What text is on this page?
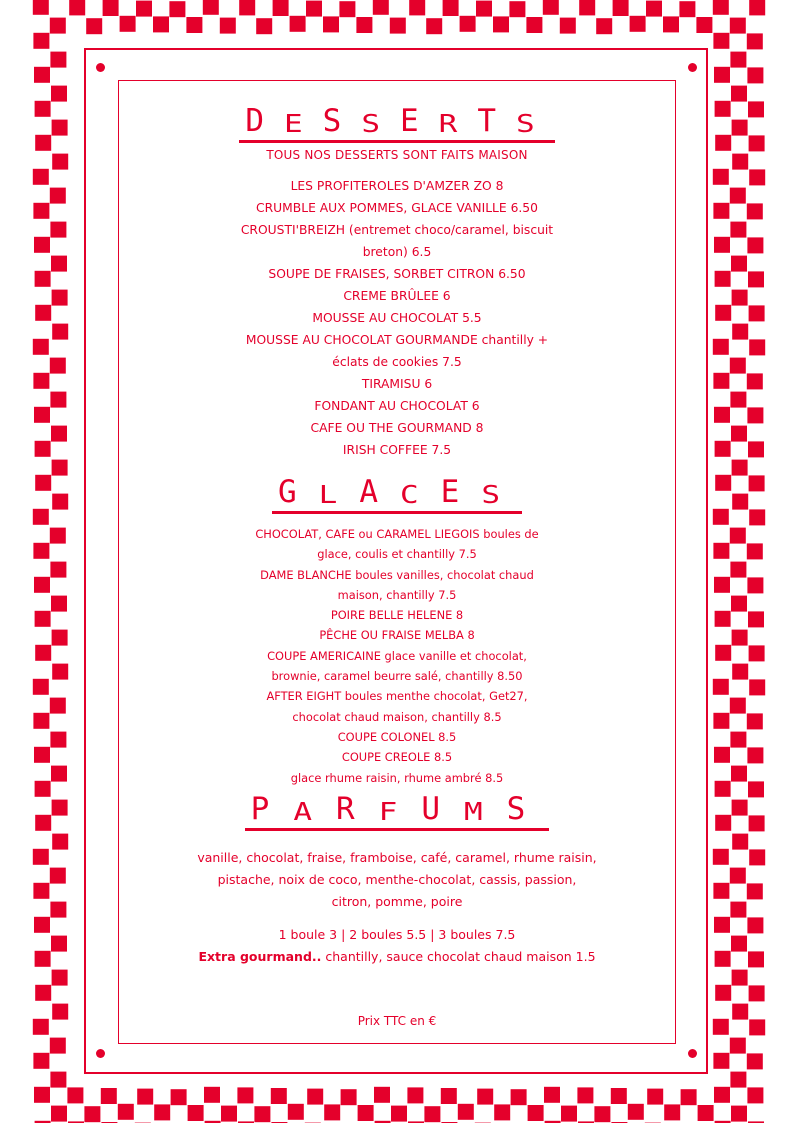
DESSERTS
TOUS NOS DESSERTS SONT FAITS MAISON
LES PROFITEROLES D'AMZER ZO 8
CRUMBLE AUX POMMES, GLACE VANILLE 6.50
CROUSTI'BREIZH (entremet choco/caramel, biscuit
breton) 6.5
SOUPE DE FRAISES, SORBET CITRON 6.50
CREME BRÛLEE 6
MOUSSE AU CHOCOLAT 5.5
MOUSSE AU CHOCOLAT GOURMANDE chantilly +
éclats de cookies 7.5
TIRAMISU 6
FONDANT AU CHOCOLAT 6
CAFE OU THE GOURMAND 8
IRISH COFFEE 7.5
GLACES
CHOCOLAT, CAFE ou CARAMEL LIEGOIS boules de
glace, coulis et chantilly 7.5
DAME BLANCHE boules vanilles, chocolat chaud
maison, chantilly 7.5
POIRE BELLE HELENE 8
PÊCHE OU FRAISE MELBA 8
COUPE AMERICAINE glace vanille et chocolat,
brownie, caramel beurre salé, chantilly 8.50
AFTER EIGHT boules menthe chocolat, Get27,
chocolat chaud maison, chantilly 8.5
COUPE COLONEL 8.5
COUPE CREOLE 8.5
glace rhume raisin, rhume ambré 8.5
PARFUMS
vanille, chocolat, fraise, framboise, café, caramel, rhume raisin,
pistache, noix de coco, menthe-chocolat, cassis, passion,
citron, pomme, poire
1 boule 3 | 2 boules 5.5 | 3 boules 7.5
Extra gourmand.. chantilly, sauce chocolat chaud maison 1.5
Prix TTC en €
